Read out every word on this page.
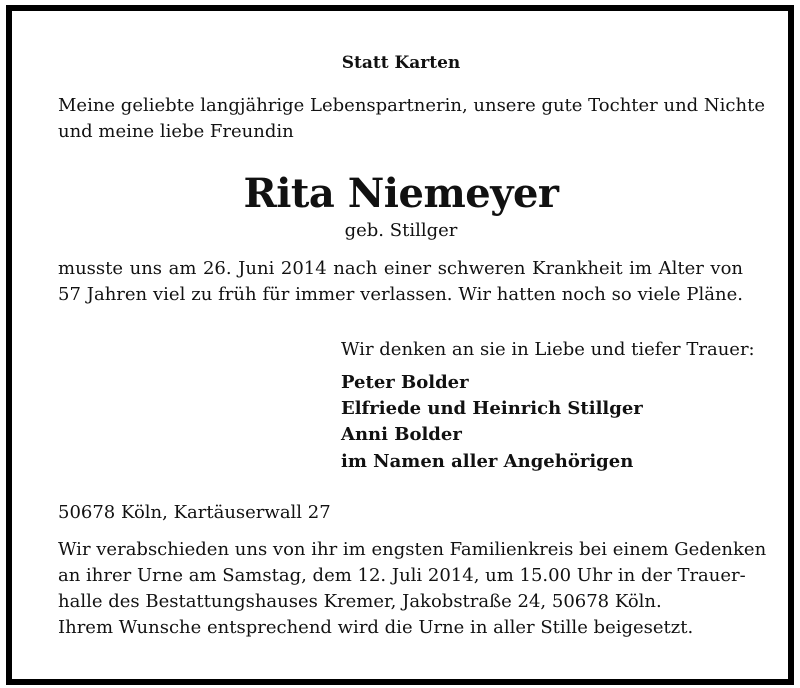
Statt Karten
Meine geliebte langjährige Lebenspartnerin, unsere gute Tochter und Nichte
und meine liebe Freundin
Rita Niemeyer
geb. Stillger
musste uns am 26. Juni 2014 nach einer schweren Krankheit im Alter von
57 Jahren viel zu früh für immer verlassen. Wir hatten noch so viele Pläne.
Wir denken an sie in Liebe und tiefer Trauer:
Peter Bolder
Elfriede und Heinrich Stillger
Anni Bolder
im Namen aller Angehörigen
50678 Köln, Kartäuserwall 27
Wir verabschieden uns von ihr im engsten Familienkreis bei einem Gedenken
an ihrer Urne am Samstag, dem 12. Juli 2014, um 15.00 Uhr in der Trauer-
halle des Bestattungshauses Kremer, Jakobstraße 24, 50678 Köln.
Ihrem Wunsche entsprechend wird die Urne in aller Stille beigesetzt.
